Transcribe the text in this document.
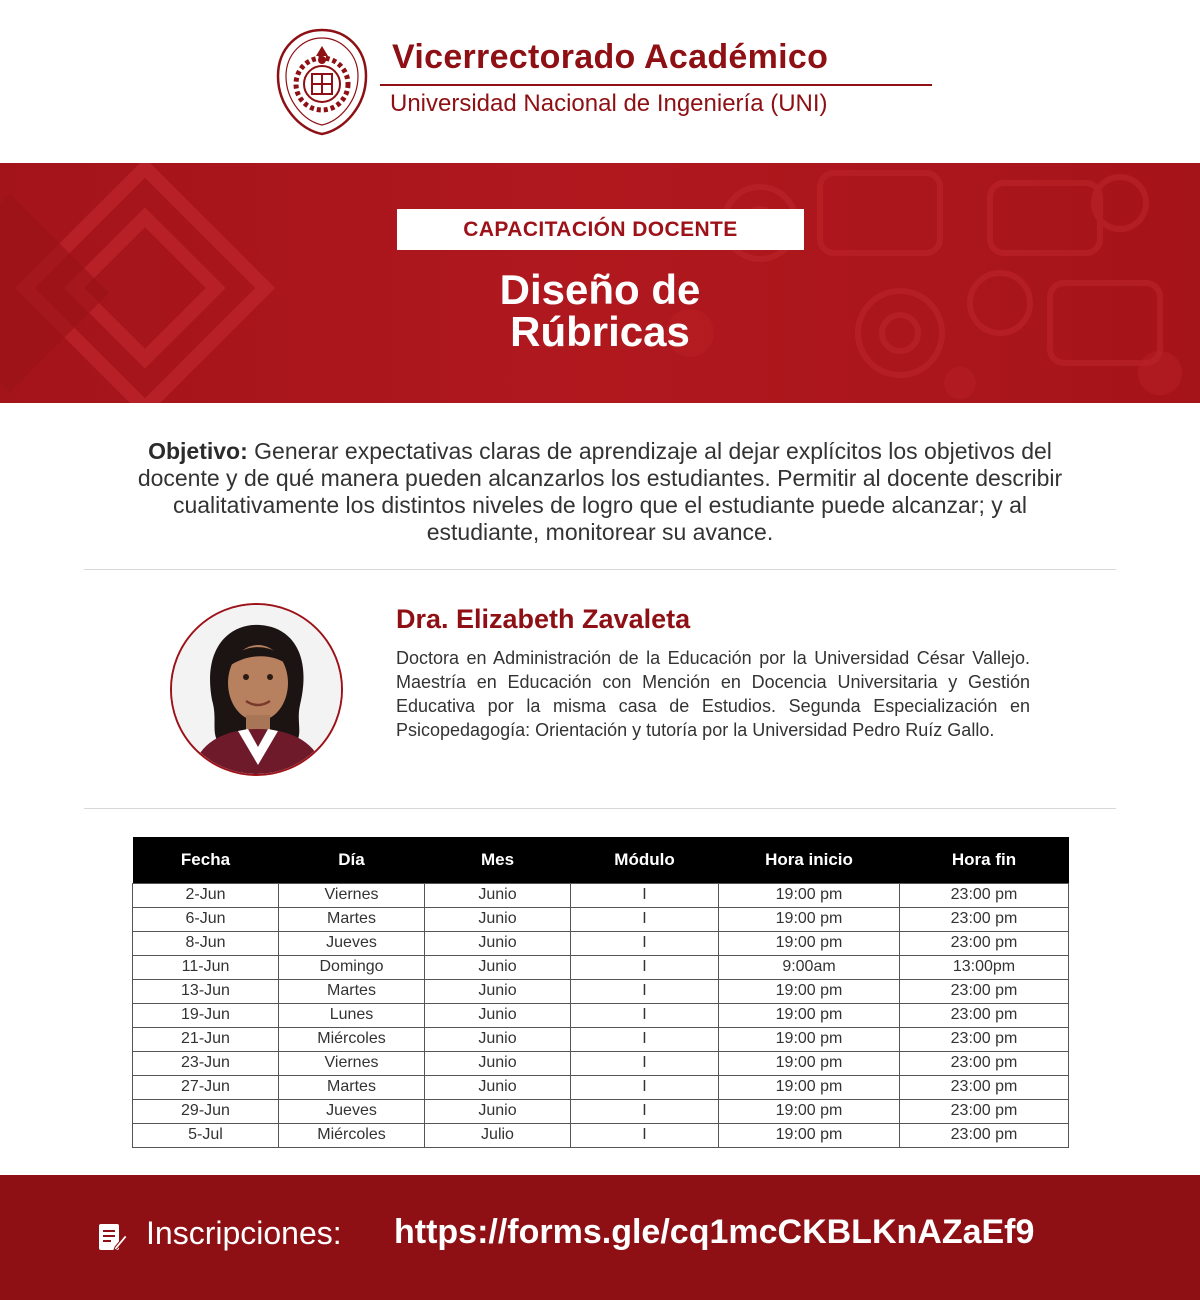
Vicerrectorado Académico
Universidad Nacional de Ingeniería (UNI)
CAPACITACIÓN DOCENTE
Diseño de
Rúbricas
Objetivo: Generar expectativas claras de aprendizaje al dejar explícitos los objetivos del docente y de qué manera pueden alcanzarlos los estudiantes. Permitir al docente describir cualitativamente los distintos niveles de logro que el estudiante puede alcanzar; y al estudiante, monitorear su avance.
Dra. Elizabeth Zavaleta
Doctora en Administración de la Educación por la Universidad César Vallejo. Maestría en Educación con Mención en Docencia Universitaria y Gestión Educativa por la misma casa de Estudios. Segunda Especialización en Psicopedagogía: Orientación y tutoría por la Universidad Pedro Ruíz Gallo.
Fecha	Día	Mes	Módulo	Hora inicio	Hora fin
2-Jun	Viernes	Junio	I	19:00 pm	23:00 pm
6-Jun	Martes	Junio	I	19:00 pm	23:00 pm
8-Jun	Jueves	Junio	I	19:00 pm	23:00 pm
11-Jun	Domingo	Junio	I	9:00am	13:00pm
13-Jun	Martes	Junio	I	19:00 pm	23:00 pm
19-Jun	Lunes	Junio	I	19:00 pm	23:00 pm
21-Jun	Miércoles	Junio	I	19:00 pm	23:00 pm
23-Jun	Viernes	Junio	I	19:00 pm	23:00 pm
27-Jun	Martes	Junio	I	19:00 pm	23:00 pm
29-Jun	Jueves	Junio	I	19:00 pm	23:00 pm
5-Jul	Miércoles	Julio	I	19:00 pm	23:00 pm
Inscripciones: https://forms.gle/cq1mcCKBLKnAZaEf9
